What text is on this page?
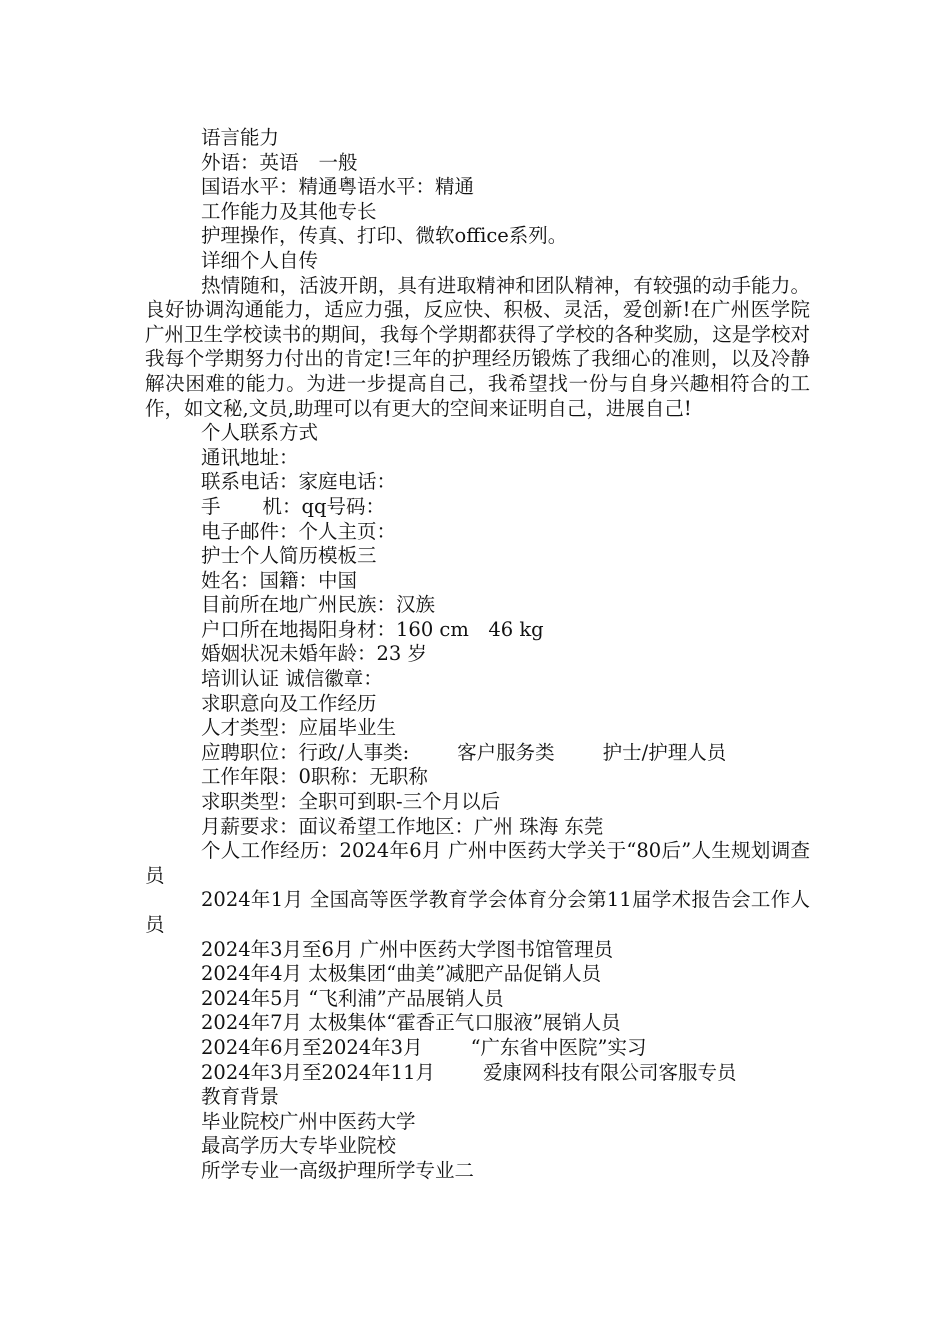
语言能力

外语：英语 一般

国语水平：精通粤语水平：精通

工作能力及其他专长

护理操作，传真、打印、微软office系列。

详细个人自传

热情随和，活波开朗，具有进取精神和团队精神，有较强的动手能力。良好协调沟通能力，适应力强，反应快、积极、灵活，爱创新!在广州医学院广州卫生学校读书的期间，我每个学期都获得了学校的各种奖励，这是学校对我每个学期努力付出的肯定!三年的护理经历锻炼了我细心的准则，以及冷静解决困难的能力。为进一步提高自己，我希望找一份与自身兴趣相符合的工作，如文秘,文员,助理可以有更大的空间来证明自己，进展自己!

个人联系方式

通讯地址：

联系电话：家庭电话：

手 机：qq号码：

电子邮件：个人主页：

护士个人简历模板三

姓名：国籍：中国

目前所在地广州民族：汉族

户口所在地揭阳身材：160 cm　46 kg

婚姻状况未婚年龄：23 岁

培训认证 诚信徽章：

求职意向及工作经历

人才类型：应届毕业生

应聘职位：行政/人事类: 客户服务类 护士/护理人员

工作年限：0职称：无职称

求职类型：全职可到职-三个月以后

月薪要求：面议希望工作地区：广州 珠海 东莞

个人工作经历：2024年6月 广州中医药大学关于“80后”人生规划调查员

2024年1月 全国高等医学教育学会体育分会第11届学术报告会工作人员

2024年3月至6月 广州中医药大学图书馆管理员

2024年4月 太极集团“曲美”减肥产品促销人员

2024年5月 “飞利浦”产品展销人员

2024年7月 太极集体“霍香正气口服液”展销人员

2024年6月至2024年3月 “广东省中医院”实习

2024年3月至2024年11月 爱康网科技有限公司客服专员

教育背景

毕业院校广州中医药大学

最高学历大专毕业院校

所学专业一高级护理所学专业二
